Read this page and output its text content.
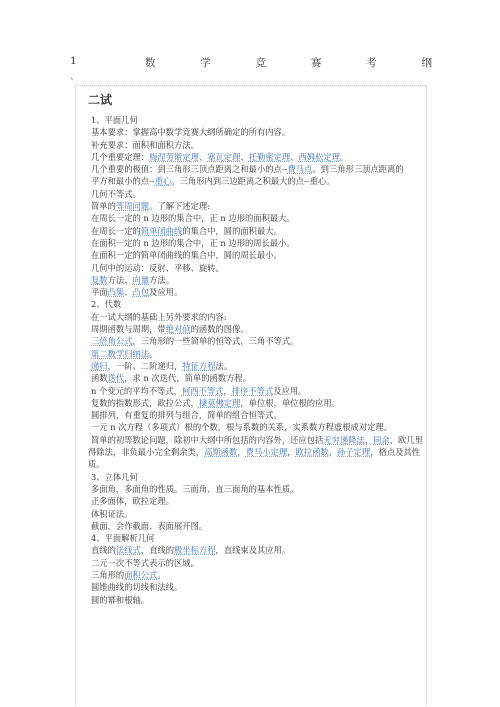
1	数	学	竞	赛	考	纲
、
二试
1、平面几何
基本要求：掌握高中数学竞赛大纲所确定的所有内容。
补充要求：面积和面积方法。
几个重要定理：梅涅劳斯定理、塞瓦定理、托勒密定理、西姆松定理。
几个重要的极值：到三角形三顶点距离之和最小的点--费马点。到三角形三顶点距离的
平方和最小的点--重心。三角形内到三边距离之积最大的点--重心。
几何不等式。
简单的等周问题。了解下述定理:
在周长一定的 n 边形的集合中，正 n 边形的面积最大。
在周长一定的简单闭曲线的集合中，圆的面积最大。
在面积一定的 n 边形的集合中，正 n 边形的周长最小。
在面积一定的简单闭曲线的集合中，圆的周长最小。
几何中的运动：反射、平移、旋转。
复数方法、向量方法。
平面凸集、凸包及应用。
2、代数
在一试大纲的基础上另外要求的内容:
周期函数与周期，带绝对值的函数的图像。
三倍角公式，三角形的一些简单的恒等式，三角不等式。
第二数学归纳法。
递归，一阶、二阶递归，特征方程法。
函数迭代，求 n 次迭代，简单的函数方程。
n 个变元的平均不等式，柯西不等式，排序不等式及应用。
复数的指数形式，欧拉公式，棣莫佛定理，单位根，单位根的应用。
圆排列，有重复的排列与组合，简单的组合恒等式。
一元 n 次方程（多项式）根的个数，根与系数的关系，实系数方程虚根成对定理。
简单的初等数论问题，除初中大纲中所包括的内容外，还应包括无穷递降法，同余，欧几里得除法，非负最小完全剩余类，高斯函数，费马小定理，欧拉函数，孙子定理，格点及其性质。
3、立体几何
多面角，多面角的性质。三面角、直三面角的基本性质。
正多面体，欧拉定理。
体积证法。
截面，会作截面、表面展开图。
4、平面解析几何
直线的法线式，直线的极坐标方程，直线束及其应用。
二元一次不等式表示的区域。
三角形的面积公式。
圆锥曲线的切线和法线。
圆的幂和根轴。
